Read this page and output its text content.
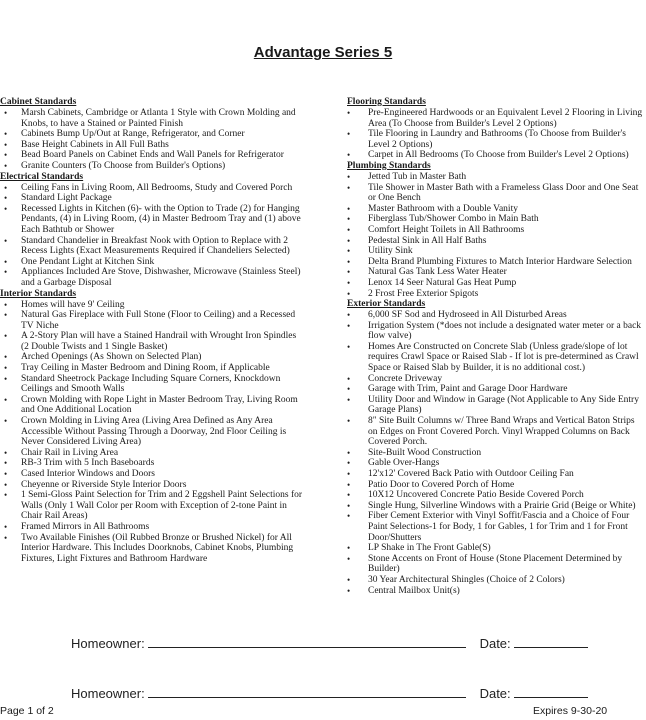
Advantage Series 5
Cabinet Standards
• Marsh Cabinets, Cambridge or Atlanta 1 Style with Crown Molding and Knobs, to have a Stained or Painted Finish
• Cabinets Bump Up/Out at Range, Refrigerator, and Corner
• Base Height Cabinets in All Full Baths
• Bead Board Panels on Cabinet Ends and Wall Panels for Refrigerator
• Granite Counters (To Choose from Builder's Options)
Electrical Standards
• Ceiling Fans in Living Room, All Bedrooms, Study and Covered Porch
• Standard Light Package
• Recessed Lights in Kitchen (6)- with the Option to Trade (2) for Hanging Pendants, (4) in Living Room, (4) in Master Bedroom Tray and (1) above Each Bathtub or Shower
• Standard Chandelier in Breakfast Nook with Option to Replace with 2 Recess Lights (Exact Measurements Required if Chandeliers Selected)
• One Pendant Light at Kitchen Sink
• Appliances Included Are Stove, Dishwasher, Microwave (Stainless Steel) and a Garbage Disposal
Interior Standards
• Homes will have 9' Ceiling
• Natural Gas Fireplace with Full Stone (Floor to Ceiling) and a Recessed TV Niche
• A 2-Story Plan will have a Stained Handrail with Wrought Iron Spindles (2 Double Twists and 1 Single Basket)
• Arched Openings (As Shown on Selected Plan)
• Tray Ceiling in Master Bedroom and Dining Room, if Applicable
• Standard Sheetrock Package Including Square Corners, Knockdown Ceilings and Smooth Walls
• Crown Molding with Rope Light in Master Bedroom Tray, Living Room and One Additional Location
• Crown Molding in Living Area (Living Area Defined as Any Area Accessible Without Passing Through a Doorway, 2nd Floor Ceiling is Never Considered Living Area)
• Chair Rail in Living Area
• RB-3 Trim with 5 Inch Baseboards
• Cased Interior Windows and Doors
• Cheyenne or Riverside Style Interior Doors
• 1 Semi-Gloss Paint Selection for Trim and 2 Eggshell Paint Selections for Walls (Only 1 Wall Color per Room with Exception of 2-tone Paint in Chair Rail Areas)
• Framed Mirrors in All Bathrooms
• Two Available Finishes (Oil Rubbed Bronze or Brushed Nickel) for All Interior Hardware. This Includes Doorknobs, Cabinet Knobs, Plumbing Fixtures, Light Fixtures and Bathroom Hardware
Flooring Standards
• Pre-Engineered Hardwoods or an Equivalent Level 2 Flooring in Living Area (To Choose from Builder's Level 2 Options)
• Tile Flooring in Laundry and Bathrooms (To Choose from Builder's Level 2 Options)
• Carpet in All Bedrooms (To Choose from Builder's Level 2 Options)
Plumbing Standards
• Jetted Tub in Master Bath
• Tile Shower in Master Bath with a Frameless Glass Door and One Seat or One Bench
• Master Bathroom with a Double Vanity
• Fiberglass Tub/Shower Combo in Main Bath
• Comfort Height Toilets in All Bathrooms
• Pedestal Sink in All Half Baths
• Utility Sink
• Delta Brand Plumbing Fixtures to Match Interior Hardware Selection
• Natural Gas Tank Less Water Heater
• Lenox 14 Seer Natural Gas Heat Pump
• 2 Frost Free Exterior Spigots
Exterior Standards
• 6,000 SF Sod and Hydroseed in All Disturbed Areas
• Irrigation System (*does not include a designated water meter or a back flow valve)
• Homes Are Constructed on Concrete Slab (Unless grade/slope of lot requires Crawl Space or Raised Slab - If lot is pre-determined as Crawl Space or Raised Slab by Builder, it is no additional cost.)
• Concrete Driveway
• Garage with Trim, Paint and Garage Door Hardware
• Utility Door and Window in Garage (Not Applicable to Any Side Entry Garage Plans)
• 8" Site Built Columns w/ Three Band Wraps and Vertical Baton Strips on Edges on Front Covered Porch. Vinyl Wrapped Columns on Back Covered Porch.
• Site-Built Wood Construction
• Gable Over-Hangs
• 12'x12' Covered Back Patio with Outdoor Ceiling Fan
• Patio Door to Covered Porch of Home
• 10X12 Uncovered Concrete Patio Beside Covered Porch
• Single Hung, Silverline Windows with a Prairie Grid (Beige or White)
• Fiber Cement Exterior with Vinyl Soffit/Fascia and a Choice of Four Paint Selections-1 for Body, 1 for Gables, 1 for Trim and 1 for Front Door/Shutters
• LP Shake in The Front Gable(S)
• Stone Accents on Front of House (Stone Placement Determined by Builder)
• 30 Year Architectural Shingles (Choice of 2 Colors)
• Central Mailbox Unit(s)
Homeowner:	Date:
Homeowner:	Date:
Page 1 of 2	Expires 9-30-20
